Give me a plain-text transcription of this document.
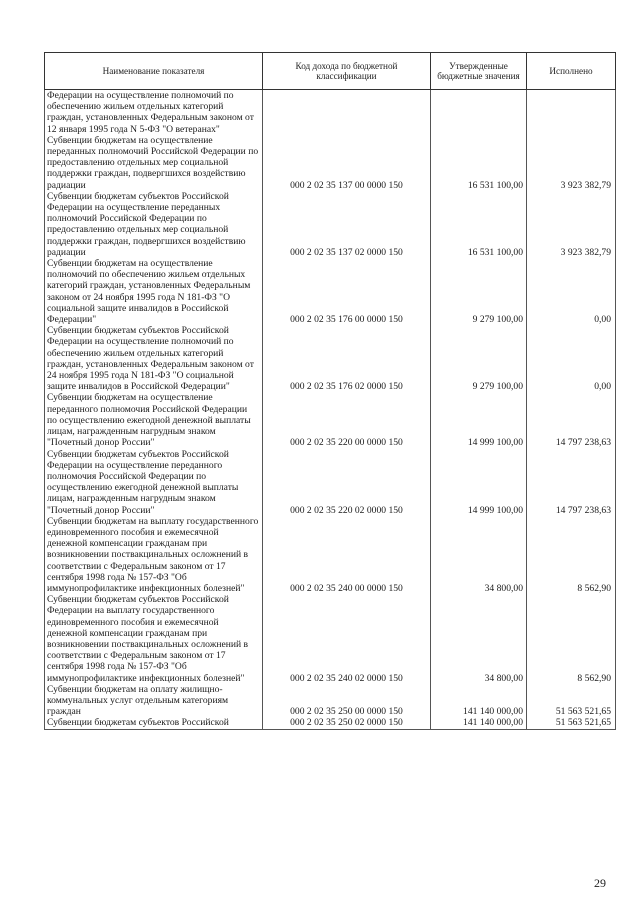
Наименование показателя	Код дохода по бюджетной классификации	Утвержденные бюджетные значения	Исполнено
Федерации на осуществление полномочий по обеспечению жильем отдельных категорий граждан, установленных Федеральным законом от 12 января 1995 года N 5-ФЗ "О ветеранах"			
Субвенции бюджетам на осуществление переданных полномочий Российской Федерации по предоставлению отдельных мер социальной поддержки граждан, подвергшихся воздействию радиации	000 2 02 35 137 00 0000 150	16 531 100,00	3 923 382,79
Субвенции бюджетам субъектов Российской Федерации на осуществление переданных полномочий Российской Федерации по предоставлению отдельных мер социальной поддержки граждан, подвергшихся воздействию радиации	000 2 02 35 137 02 0000 150	16 531 100,00	3 923 382,79
Субвенции бюджетам на осуществление полномочий по обеспечению жильем отдельных категорий граждан, установленных Федеральным законом от 24 ноября 1995 года N 181-ФЗ "О социальной защите инвалидов в Российской Федерации"	000 2 02 35 176 00 0000 150	9 279 100,00	0,00
Субвенции бюджетам субъектов Российской Федерации на осуществление полномочий по обеспечению жильем отдельных категорий граждан, установленных Федеральным законом от 24 ноября 1995 года N 181-ФЗ "О социальной защите инвалидов в Российской Федерации"	000 2 02 35 176 02 0000 150	9 279 100,00	0,00
Субвенции бюджетам на осуществление переданного полномочия Российской Федерации по осуществлению ежегодной денежной выплаты лицам, награжденным нагрудным знаком "Почетный донор России"	000 2 02 35 220 00 0000 150	14 999 100,00	14 797 238,63
Субвенции бюджетам субъектов Российской Федерации на осуществление переданного полномочия Российской Федерации по осуществлению ежегодной денежной выплаты лицам, награжденным нагрудным знаком "Почетный донор России"	000 2 02 35 220 02 0000 150	14 999 100,00	14 797 238,63
Субвенции бюджетам на выплату государственного единовременного пособия и ежемесячной денежной компенсации гражданам при возникновении поствакцинальных осложнений в соответствии с Федеральным законом от 17 сентября 1998 года № 157-ФЗ "Об иммунопрофилактике инфекционных болезней"	000 2 02 35 240 00 0000 150	34 800,00	8 562,90
Субвенции бюджетам субъектов Российской Федерации на выплату государственного единовременного пособия и ежемесячной денежной компенсации гражданам при возникновении поствакцинальных осложнений в соответствии с Федеральным законом от 17 сентября 1998 года № 157-ФЗ "Об иммунопрофилактике инфекционных болезней"	000 2 02 35 240 02 0000 150	34 800,00	8 562,90
Субвенции бюджетам на оплату жилищно-коммунальных услуг отдельным категориям граждан	000 2 02 35 250 00 0000 150	141 140 000,00	51 563 521,65
Субвенции бюджетам субъектов Российской	000 2 02 35 250 02 0000 150	141 140 000,00	51 563 521,65
29
